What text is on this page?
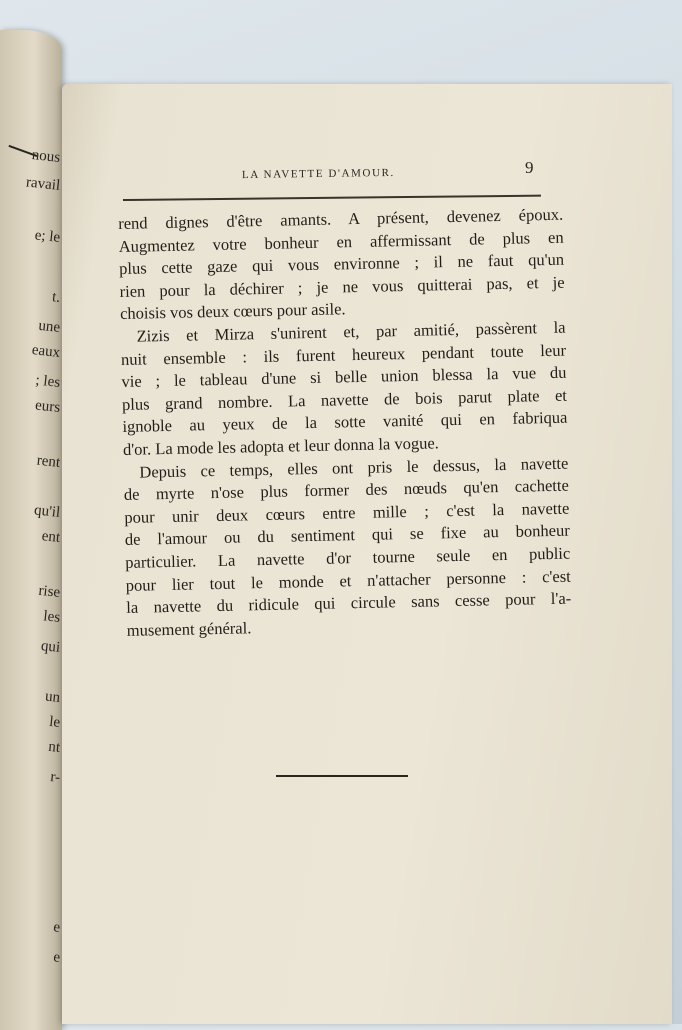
nous
ravail
e; le
t.
une
eaux
; les
eurs
rent
qu'il
ent
rise
les
qui
un
le
nt
r-
e
e
LA NAVETTE D'AMOUR.	9

rend dignes d'être amants. A présent, devenez époux.
Augmentez votre bonheur en affermissant de plus en
plus cette gaze qui vous environne ; il ne faut qu'un
rien pour la déchirer ; je ne vous quitterai pas, et je
choisis vos deux cœurs pour asile.

Zizis et Mirza s'unirent et, par amitié, passèrent la
nuit ensemble : ils furent heureux pendant toute leur
vie ; le tableau d'une si belle union blessa la vue du
plus grand nombre. La navette de bois parut plate et
ignoble au yeux de la sotte vanité qui en fabriqua
d'or. La mode les adopta et leur donna la vogue.

Depuis ce temps, elles ont pris le dessus, la navette
de myrte n'ose plus former des nœuds qu'en cachette
pour unir deux cœurs entre mille ; c'est la navette
de l'amour ou du sentiment qui se fixe au bonheur
particulier. La navette d'or tourne seule en public
pour lier tout le monde et n'attacher personne : c'est
la navette du ridicule qui circule sans cesse pour l'a-
musement général.
